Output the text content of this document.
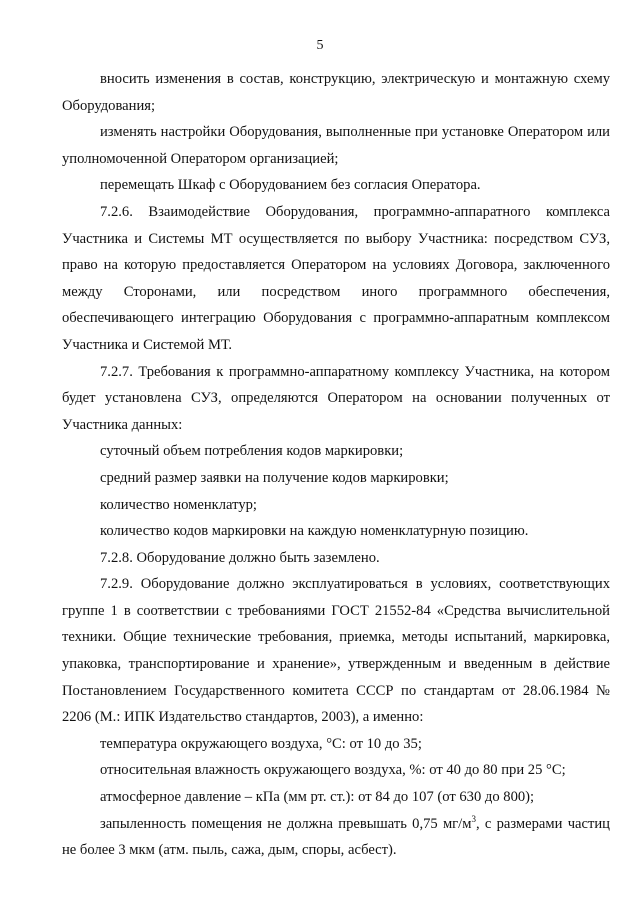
5

вносить изменения в состав, конструкцию, электрическую и монтажную схему Оборудования;

изменять настройки Оборудования, выполненные при установке Оператором или уполномоченной Оператором организацией;

перемещать Шкаф с Оборудованием без согласия Оператора.

7.2.6. Взаимодействие Оборудования, программно-аппаратного комплекса Участника и Системы МТ осуществляется по выбору Участника: посредством СУЗ, право на которую предоставляется Оператором на условиях Договора, заключенного между Сторонами, или посредством иного программного обеспечения, обеспечивающего интеграцию Оборудования с программно-аппаратным комплексом Участника и Системой МТ.

7.2.7. Требования к программно-аппаратному комплексу Участника, на котором будет установлена СУЗ, определяются Оператором на основании полученных от Участника данных:

суточный объем потребления кодов маркировки;

средний размер заявки на получение кодов маркировки;

количество номенклатур;

количество кодов маркировки на каждую номенклатурную позицию.

7.2.8. Оборудование должно быть заземлено.

7.2.9. Оборудование должно эксплуатироваться в условиях, соответствующих группе 1 в соответствии с требованиями ГОСТ 21552-84 «Средства вычислительной техники. Общие технические требования, приемка, методы испытаний, маркировка, упаковка, транспортирование и хранение», утвержденным и введенным в действие Постановлением Государственного комитета СССР по стандартам от 28.06.1984 № 2206 (М.: ИПК Издательство стандартов, 2003), а именно:

температура окружающего воздуха, °С: от 10 до 35;

относительная влажность окружающего воздуха, %: от 40 до 80 при 25 °С;

атмосферное давление – кПа (мм рт. ст.): от 84 до 107 (от 630 до 800);

запыленность помещения не должна превышать 0,75 $мг/м^3$, с размерами частиц не более 3 мкм (атм. пыль, сажа, дым, споры, асбест).
